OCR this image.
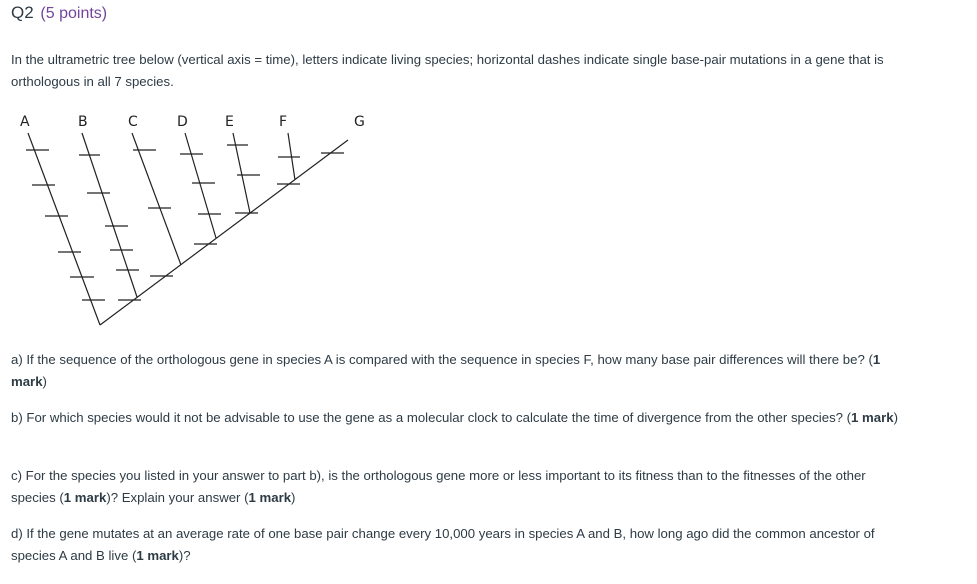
Q2 (5 points)
In the ultrametric tree below (vertical axis = time), letters indicate living species; horizontal dashes indicate single base-pair mutations in a gene that is orthologous in all 7 species.
A	B	C	D	E	F	G
a) If the sequence of the orthologous gene in species A is compared with the sequence in species F, how many base pair differences will there be? (1 mark)
b) For which species would it not be advisable to use the gene as a molecular clock to calculate the time of divergence from the other species? (1 mark)
c) For the species you listed in your answer to part b), is the orthologous gene more or less important to its fitness than to the fitnesses of the other species (1 mark)? Explain your answer (1 mark)
d) If the gene mutates at an average rate of one base pair change every 10,000 years in species A and B, how long ago did the common ancestor of species A and B live (1 mark)?
